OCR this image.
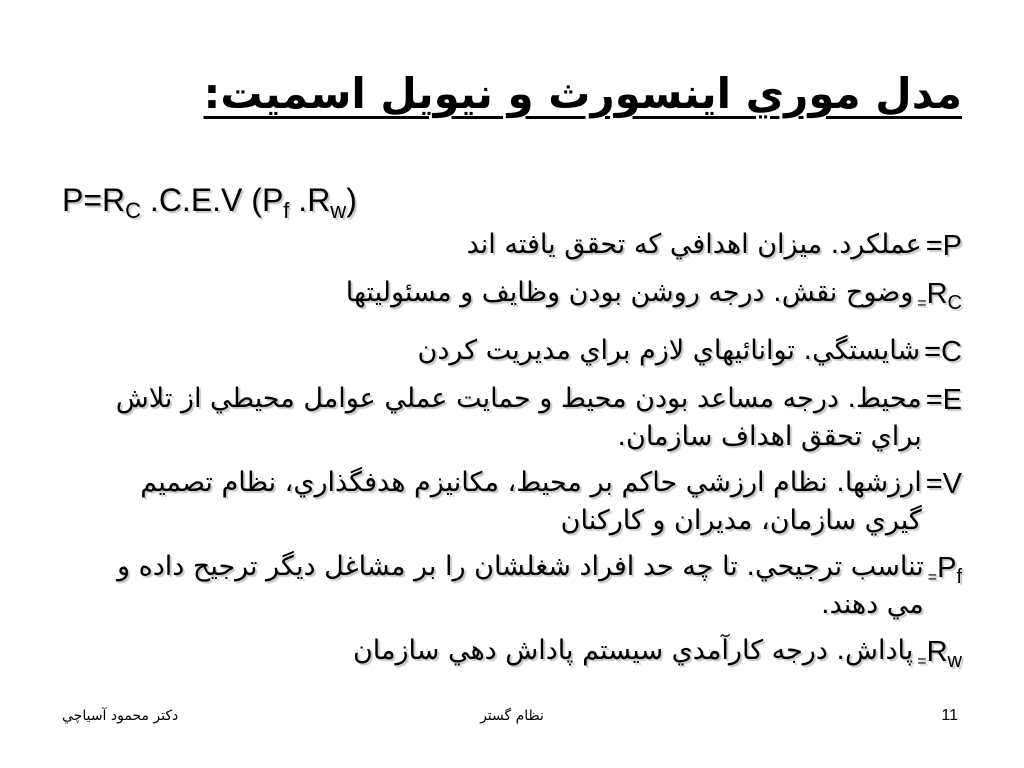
مدل موري اينسورث و نيويل اسميت:
$P=R_C$ .C.E.V ($P_f$ $.R_w$)
=P
عملكرد. ميزان اهدافي كه تحقق يافته اند
$=R_C$
وضوح نقش. درجه روشن بودن وظايف و مسئوليتها
=C
شايستگي. توانائيهاي لازم براي مديريت كردن
=E
محيط. درجه مساعد بودن محيط و حمايت عملي عوامل محيطي از تلاش براي تحقق اهداف سازمان.
=V
ارزشها. نظام ارزشي حاكم بر محيط، مكانيزم هدفگذاري، نظام تصميم گيري سازمان، مديران و كاركنان
$=P_f$
تناسب ترجيحي. تا چه حد افراد شغلشان را بر مشاغل ديگر ترجيح داده و مي دهند.
$=R_w$
پاداش. درجه كارآمدي سيستم پاداش دهي سازمان
دكتر محمود آسياچي	نظام گستر	11
